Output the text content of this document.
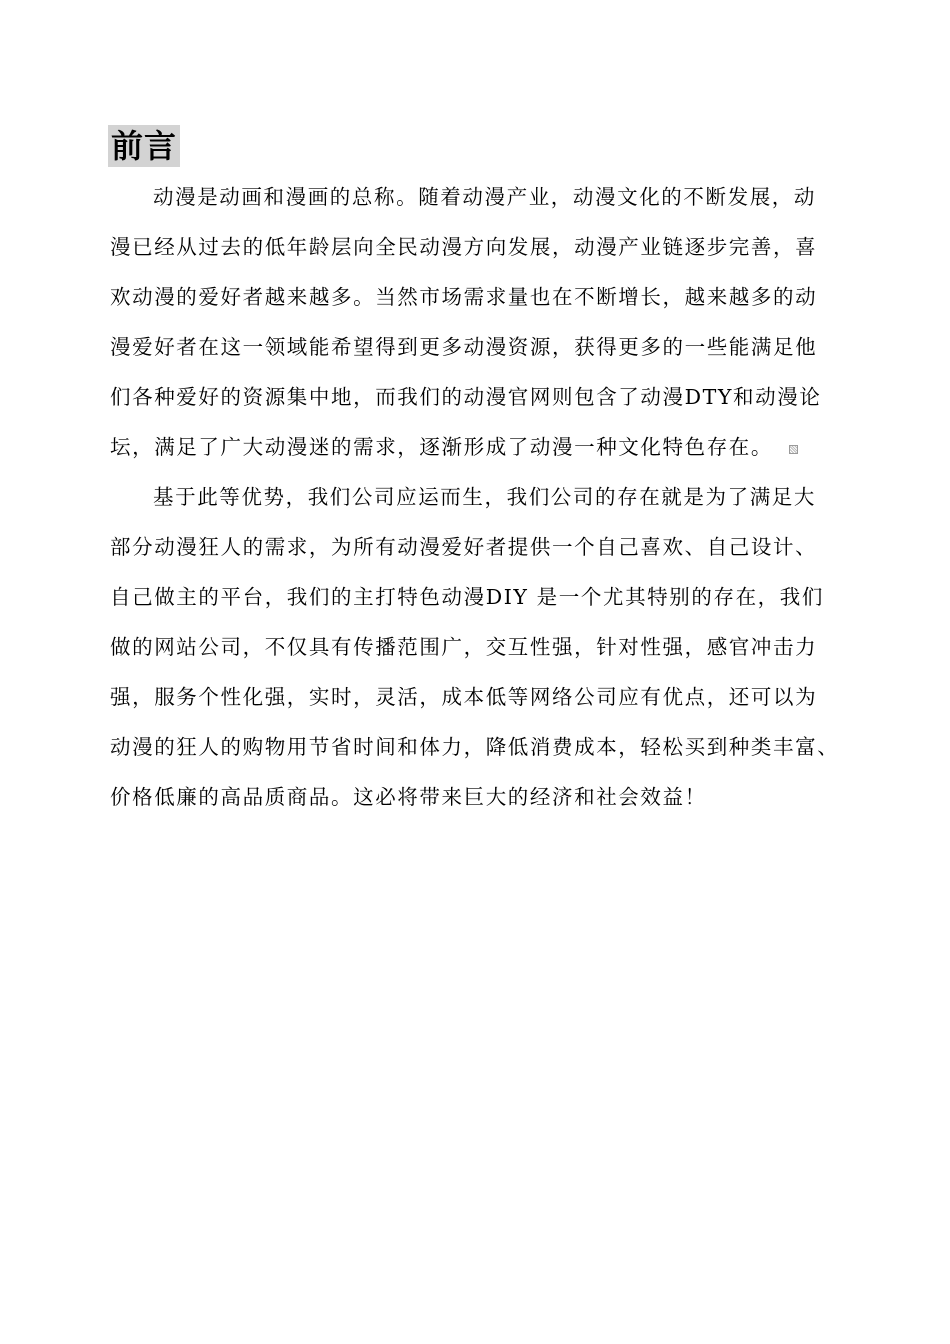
前言
动漫是动画和漫画的总称。随着动漫产业，动漫文化的不断发展，动
漫已经从过去的低年龄层向全民动漫方向发展，动漫产业链逐步完善，喜
欢动漫的爱好者越来越多。当然市场需求量也在不断增长，越来越多的动
漫爱好者在这一领域能希望得到更多动漫资源，获得更多的一些能满足他
们各种爱好的资源集中地，而我们的动漫官网则包含了动漫DTY和动漫论
坛，满足了广大动漫迷的需求，逐渐形成了动漫一种文化特色存在。
基于此等优势，我们公司应运而生，我们公司的存在就是为了满足大
部分动漫狂人的需求，为所有动漫爱好者提供一个自己喜欢、自己设计、
自己做主的平台，我们的主打特色动漫DIY 是一个尤其特别的存在，我们
做的网站公司，不仅具有传播范围广，交互性强，针对性强，感官冲击力
强，服务个性化强，实时，灵活，成本低等网络公司应有优点，还可以为
动漫的狂人的购物用节省时间和体力，降低消费成本，轻松买到种类丰富、
价格低廉的高品质商品。这必将带来巨大的经济和社会效益！
